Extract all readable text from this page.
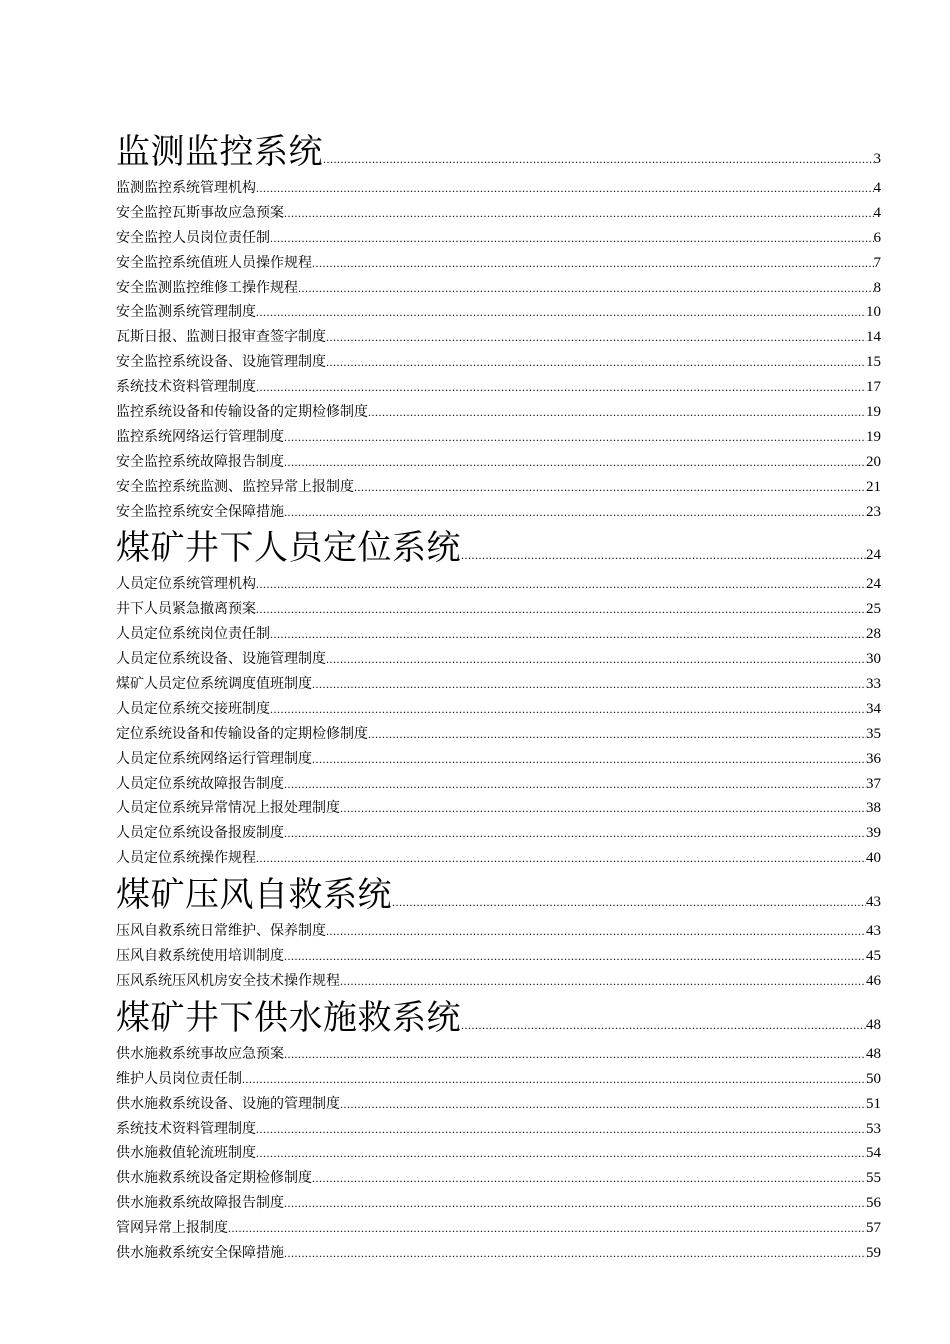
监测监控系统 .....	3
监测监控系统管理机构 .....	4
安全监控瓦斯事故应急预案 .....	4
安全监控人员岗位责任制 .....	6
安全监控系统值班人员操作规程 .....	7
安全监测监控维修工操作规程 .....	8
安全监测系统管理制度 .....	10
瓦斯日报、监测日报审查签字制度 .....	14
安全监控系统设备、设施管理制度 .....	15
系统技术资料管理制度 .....	17
监控系统设备和传输设备的定期检修制度 .....	19
监控系统网络运行管理制度 .....	19
安全监控系统故障报告制度 .....	20
安全监控系统监测、监控异常上报制度 .....	21
安全监控系统安全保障措施 .....	23
煤矿井下人员定位系统 .....	24
人员定位系统管理机构 .....	24
井下人员紧急撤离预案 .....	25
人员定位系统岗位责任制 .....	28
人员定位系统设备、设施管理制度 .....	30
煤矿人员定位系统调度值班制度 .....	33
人员定位系统交接班制度 .....	34
定位系统设备和传输设备的定期检修制度 .....	35
人员定位系统网络运行管理制度 .....	36
人员定位系统故障报告制度 .....	37
人员定位系统异常情况上报处理制度 .....	38
人员定位系统设备报废制度 .....	39
人员定位系统操作规程 .....	40
煤矿压风自救系统 .....	43
压风自救系统日常维护、保养制度 .....	43
压风自救系统使用培训制度 .....	45
压风系统压风机房安全技术操作规程 .....	46
煤矿井下供水施救系统 .....	48
供水施救系统事故应急预案 .....	48
维护人员岗位责任制 .....	50
供水施救系统设备、设施的管理制度 .....	51
系统技术资料管理制度 .....	53
供水施救值轮流班制度 .....	54
供水施救系统设备定期检修制度 .....	55
供水施救系统故障报告制度 .....	56
管网异常上报制度 .....	57
供水施救系统安全保障措施 .....	59
